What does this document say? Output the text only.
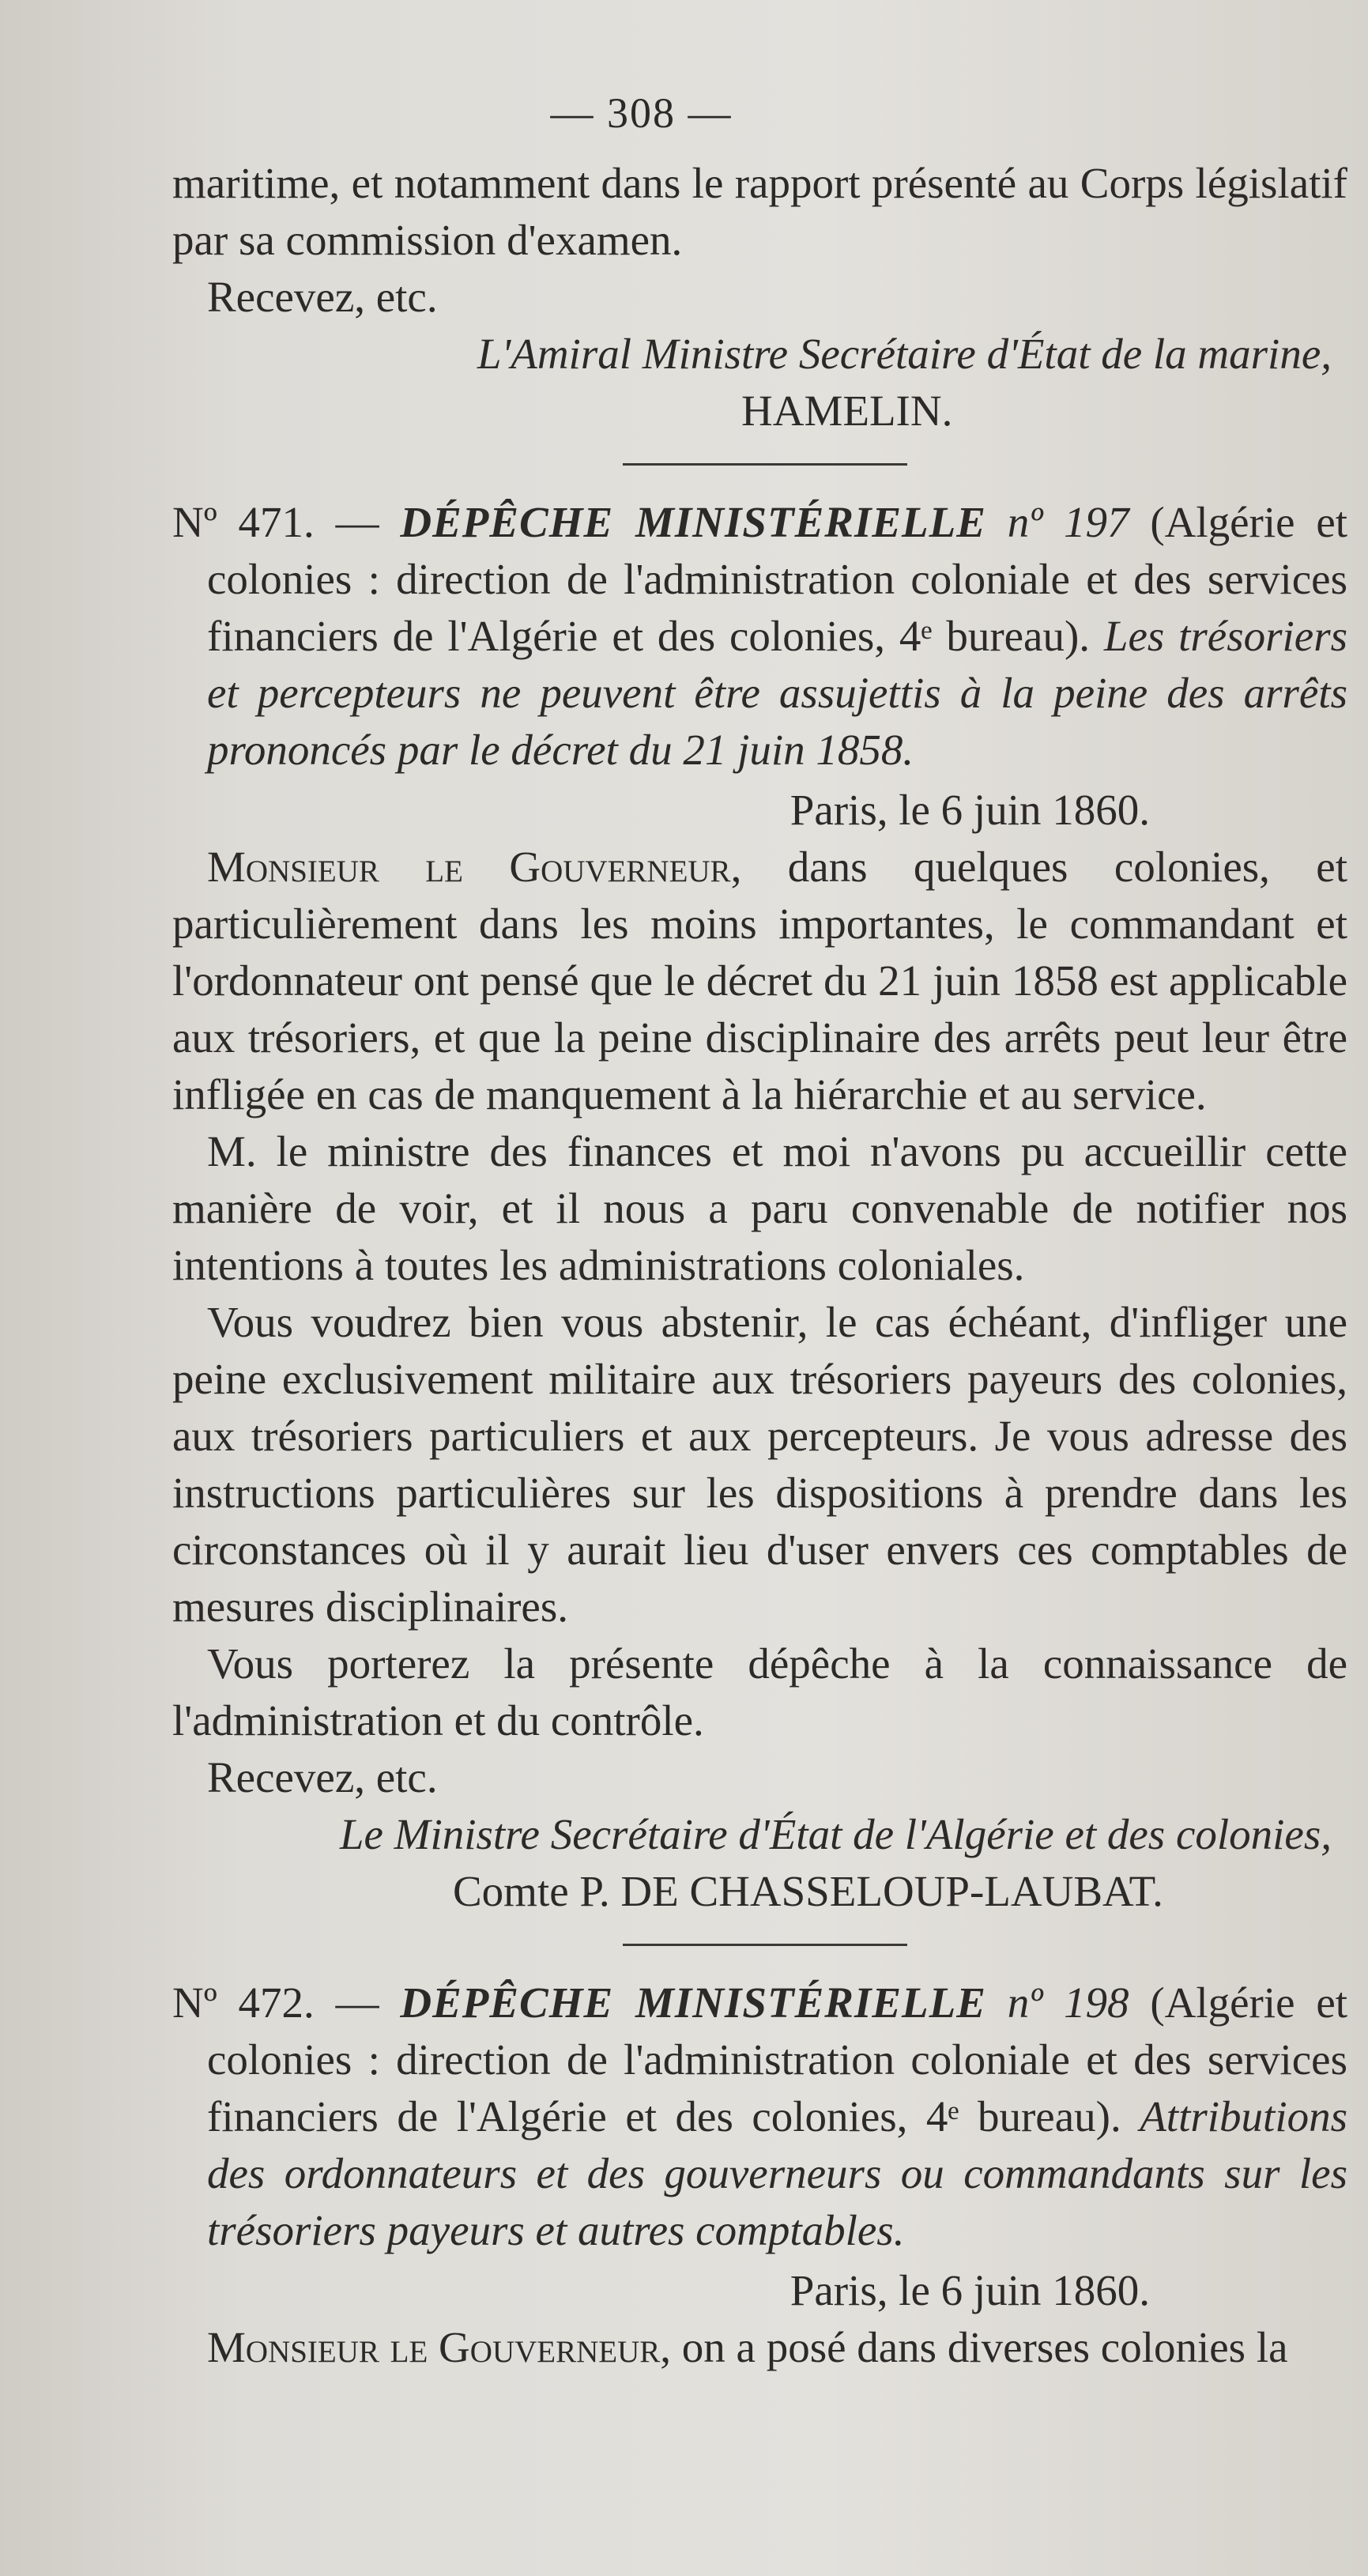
— 308 —

maritime, et notamment dans le rapport présenté au Corps législatif par sa commission d'examen.

Recevez, etc.

L'Amiral Ministre Secrétaire d'État de la marine,

HAMELIN.

Nº 471. — DÉPÊCHE MINISTÉRIELLE nº 197 (Algérie et colonies : direction de l'administration coloniale et des services financiers de l'Algérie et des colonies, 4ᵉ bureau). Les trésoriers et percepteurs ne peuvent être assujettis à la peine des arrêts prononcés par le décret du 21 juin 1858.

Paris, le 6 juin 1860.

Monsieur le Gouverneur, dans quelques colonies, et particulièrement dans les moins importantes, le commandant et l'ordonnateur ont pensé que le décret du 21 juin 1858 est applicable aux trésoriers, et que la peine disciplinaire des arrêts peut leur être infligée en cas de manquement à la hiérarchie et au service.

M. le ministre des finances et moi n'avons pu accueillir cette manière de voir, et il nous a paru convenable de notifier nos intentions à toutes les administrations coloniales.

Vous voudrez bien vous abstenir, le cas échéant, d'infliger une peine exclusivement militaire aux trésoriers payeurs des colonies, aux trésoriers particuliers et aux percepteurs. Je vous adresse des instructions particulières sur les dispositions à prendre dans les circonstances où il y aurait lieu d'user envers ces comptables de mesures disciplinaires.

Vous porterez la présente dépêche à la connaissance de l'administration et du contrôle.

Recevez, etc.

Le Ministre Secrétaire d'État de l'Algérie et des colonies,

Comte P. DE CHASSELOUP-LAUBAT.

Nº 472. — DÉPÊCHE MINISTÉRIELLE nº 198 (Algérie et colonies : direction de l'administration coloniale et des services financiers de l'Algérie et des colonies, 4ᵉ bureau). Attributions des ordonnateurs et des gouverneurs ou commandants sur les trésoriers payeurs et autres comptables.

Paris, le 6 juin 1860.

Monsieur le Gouverneur, on a posé dans diverses colonies la
